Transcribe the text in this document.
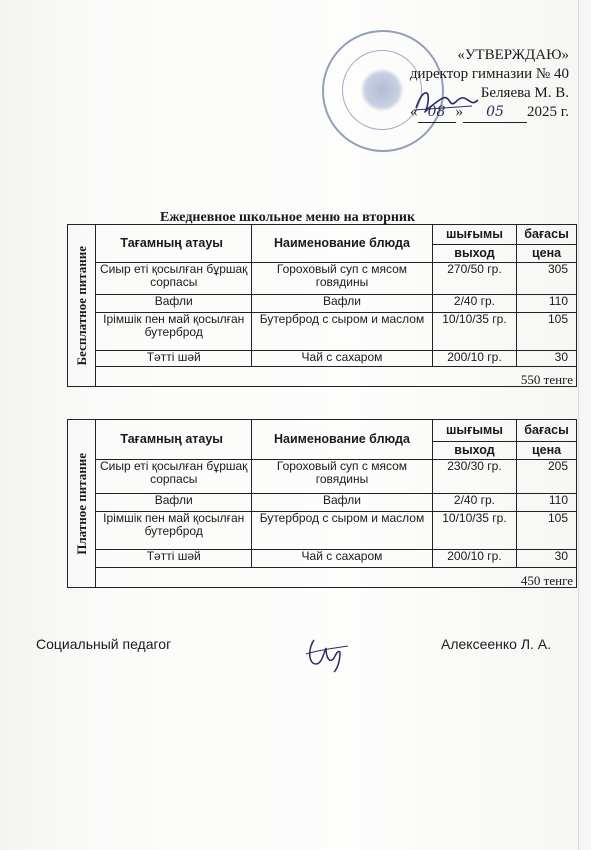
«УТВЕРЖДАЮ»
директор гимназии № 40
Беляева М. В.
« 08 » 05 2025 г.
Ежедневное школьное меню на вторник
Бесплатное питание	Тағамның атауы	Наименование блюда	шығымы	бағасы
			выход	цена
	Сиыр еті қосылған бұршақ сорпасы	Гороховый суп с мясом говядины	270/50 гр.	305
	Вафли	Вафли	2/40 гр.	110
	Ірімшік пен май қосылған бутерброд	Бутерброд с сыром и маслом	10/10/35 гр.	105
	Тәтті шәй	Чай с сахаром	200/10 гр.	30
	550 тенге			
Платное питание	Тағамның атауы	Наименование блюда	шығымы	бағасы
			выход	цена
	Сиыр еті қосылған бұршақ сорпасы	Гороховый суп с мясом говядины	230/30 гр.	205
	Вафли	Вафли	2/40 гр.	110
	Ірімшік пен май қосылған бутерброд	Бутерброд с сыром и маслом	10/10/35 гр.	105
	Тәтті шәй	Чай с сахаром	200/10 гр.	30
	450 тенге			
Социальный педагог	Алексеенко Л. А.
